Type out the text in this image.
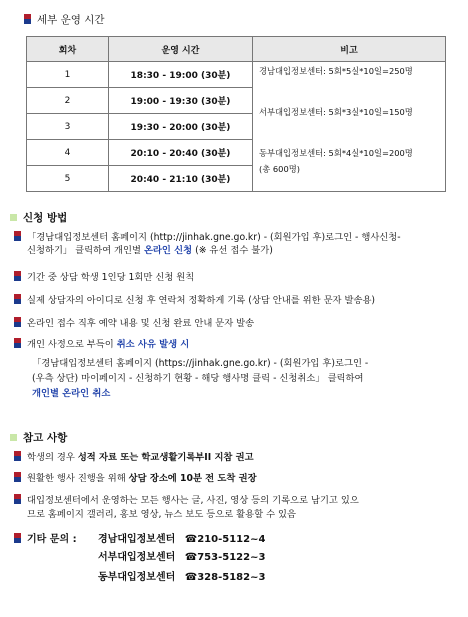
세부 운영 시간
회차	운영 시간	비고
1	18:30 - 19:00 (30분)	경남대입정보센터: 5회*5실*10일=250명
서부대입정보센터: 5회*3실*10일=150명
동부대입정보센터: 5회*4실*10일=200명
(총 600명)

2	19:00 - 19:30 (30분)	
3	19:30 - 20:00 (30분)	
4	20:10 - 20:40 (30분)	
5	20:40 - 21:10 (30분)	
신청 방법
「경남대입정보센터 홈페이지 (http://jinhak.gne.go.kr) - (회원가입 후)로그인 - 행사신청-
신청하기」 클릭하여 개인별 온라인 신청 (※ 유선 접수 불가)
기간 중 상담 학생 1인당 1회만 신청 원칙
실제 상담자의 아이디로 신청 후 연락처 정확하게 기록 (상담 안내를 위한 문자 발송용)
온라인 접수 직후 예약 내용 및 신청 완료 안내 문자 발송
개인 사정으로 부득이 취소 사유 발생 시
「경남대입정보센터 홈페이지 (https://jinhak.gne.go.kr) - (회원가입 후)로그인 -
(우측 상단) 마이페이지 - 신청하기 현황 - 해당 행사명 클릭 - 신청취소」 클릭하여
개인별 온라인 취소
참고 사항
학생의 경우 성적 자료 또는 학교생활기록부II 지참 권고
원활한 행사 진행을 위해 상담 장소에 10분 전 도착 권장
대입정보센터에서 운영하는 모든 행사는 글, 사진, 영상 등의 기록으로 남기고 있으
므로 홈페이지 갤러리, 홍보 영상, 뉴스 보도 등으로 활용할 수 있음
기타 문의 : 경남대입정보센터 ☎210-5112~4
서부대입정보센터 ☎753-5122~3
동부대입정보센터 ☎328-5182~3
